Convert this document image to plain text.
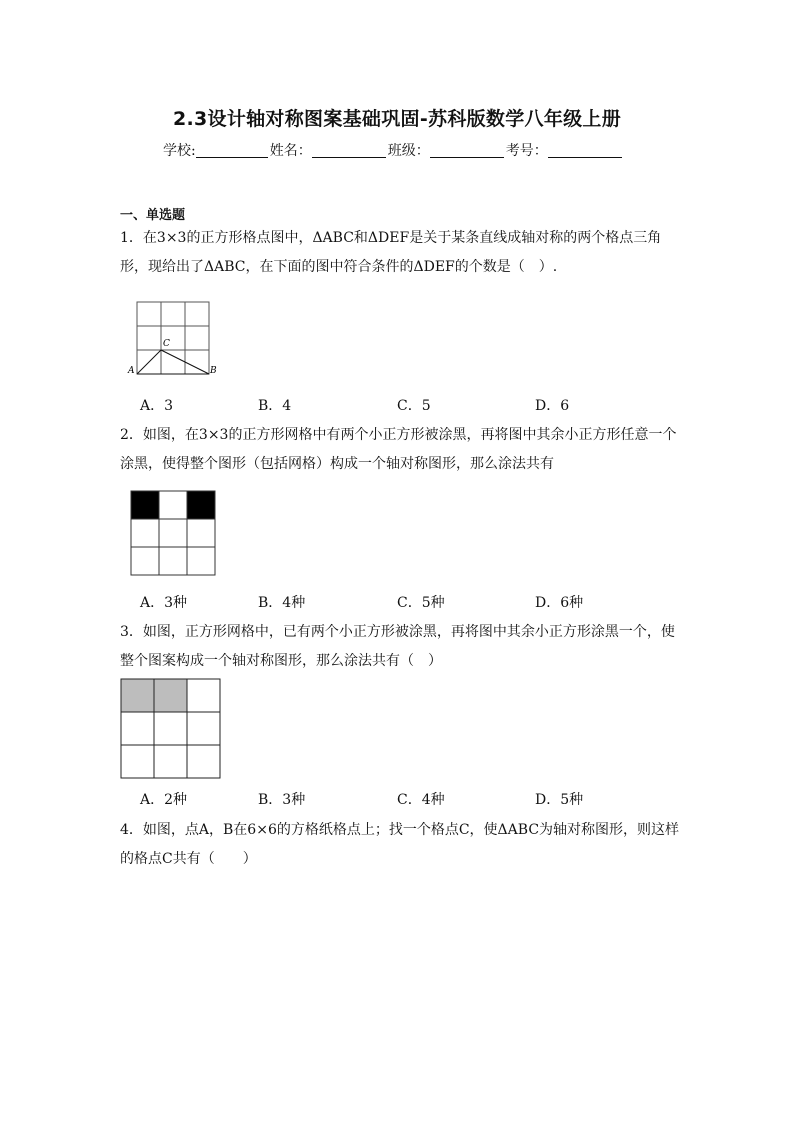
2.3设计轴对称图案基础巩固-苏科版数学八年级上册
学校:	姓名：	班级：	考号：
一、单选题
1．在3×3的正方形格点图中，ΔABC和ΔDEF是关于某条直线成轴对称的两个格点三角形，现给出了ΔABC，在下面的图中符合条件的ΔDEF的个数是（　）.
A	B
C
A．3	B．4	C．5	D．6
2．如图，在3×3的正方形网格中有两个小正方形被涂黑，再将图中其余小正方形任意一个涂黑，使得整个图形（包括网格）构成一个轴对称图形，那么涂法共有
A．3种	B．4种	C．5种	D．6种
3．如图，正方形网格中，已有两个小正方形被涂黑，再将图中其余小正方形涂黑一个，使整个图案构成一个轴对称图形，那么涂法共有（　）
A．2种	B．3种	C．4种	D．5种
4．如图，点A，B在6×6的方格纸格点上；找一个格点C，使ΔABC为轴对称图形，则这样的格点C共有（　　）
